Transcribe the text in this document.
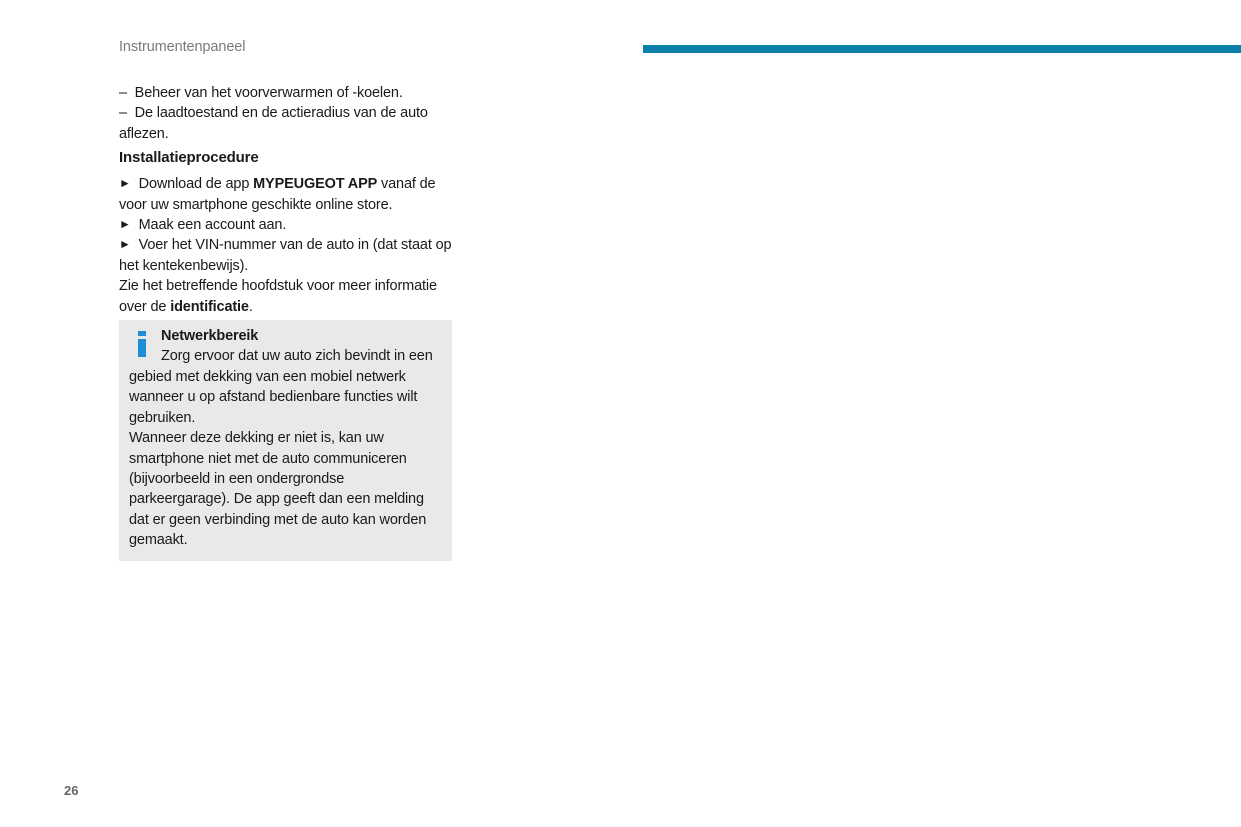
Instrumentenpaneel

–  Beheer van het voorverwarmen of -koelen.

–  De laadtoestand en de actieradius van de auto aflezen.

Installatieprocedure

► Download de app MYPEUGEOT APP vanaf de voor uw smartphone geschikte online store.

► Maak een account aan.

► Voer het VIN-nummer van de auto in (dat staat op het kentekenbewijs).

Zie het betreffende hoofdstuk voor meer informatie over de identificatie.

Netwerkbereik

Zorg ervoor dat uw auto zich bevindt in een gebied met dekking van een mobiel netwerk wanneer u op afstand bedienbare functies wilt gebruiken.

Wanneer deze dekking er niet is, kan uw smartphone niet met de auto communiceren (bijvoorbeeld in een ondergrondse parkeergarage). De app geeft dan een melding dat er geen verbinding met de auto kan worden gemaakt.

26
